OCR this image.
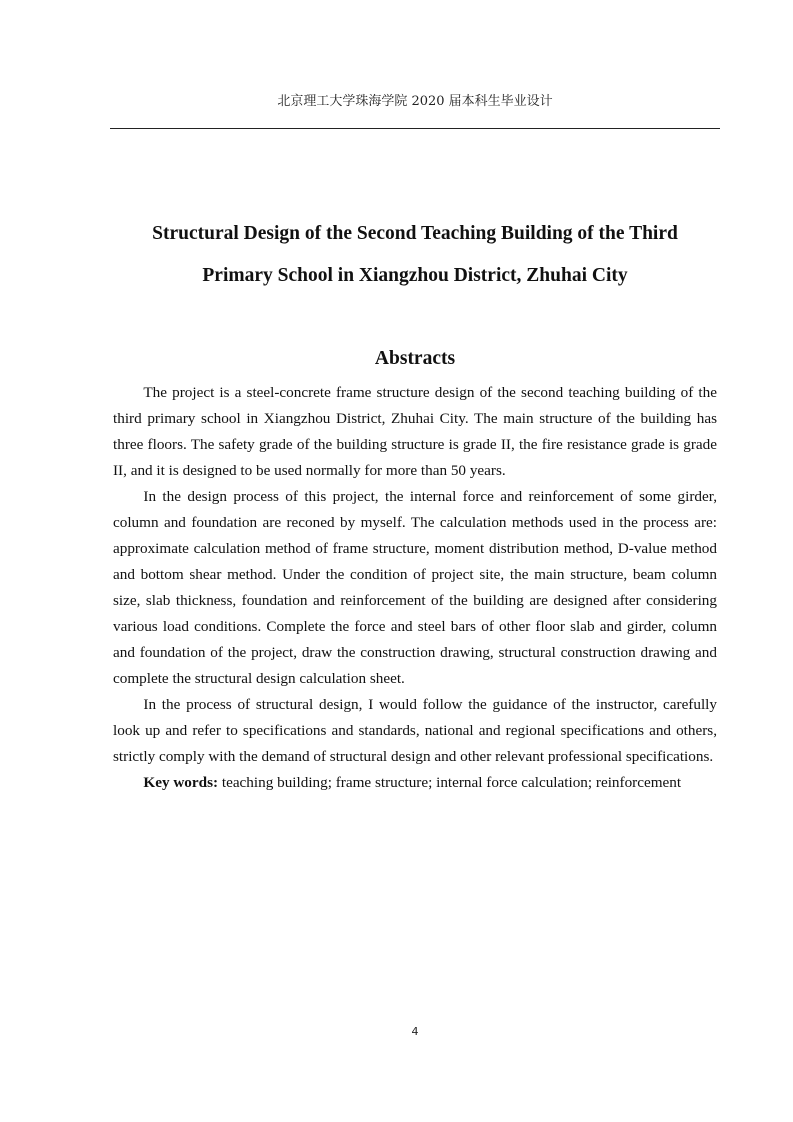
北京理工大学珠海学院 2020 届本科生毕业设计
Structural Design of the Second Teaching Building of the Third
Primary School in Xiangzhou District, Zhuhai City
Abstracts

The project is a steel-concrete frame structure design of the second teaching building of the third primary school in Xiangzhou District, Zhuhai City. The main structure of the building has three floors. The safety grade of the building structure is grade II, the fire resistance grade is grade II, and it is designed to be used normally for more than 50 years.

In the design process of this project, the internal force and reinforcement of some girder, column and foundation are reconed by myself. The calculation methods used in the process are: approximate calculation method of frame structure, moment distribution method, D-value method and bottom shear method. Under the condition of project site, the main structure, beam column size, slab thickness, foundation and reinforcement of the building are designed after considering various load conditions. Complete the force and steel bars of other floor slab and girder, column and foundation of the project, draw the construction drawing, structural construction drawing and complete the structural design calculation sheet.

In the process of structural design, I would follow the guidance of the instructor, carefully look up and refer to specifications and standards, national and regional specifications and others, strictly comply with the demand of structural design and other relevant professional specifications.

Key words: teaching building; frame structure; internal force calculation; reinforcement

4
